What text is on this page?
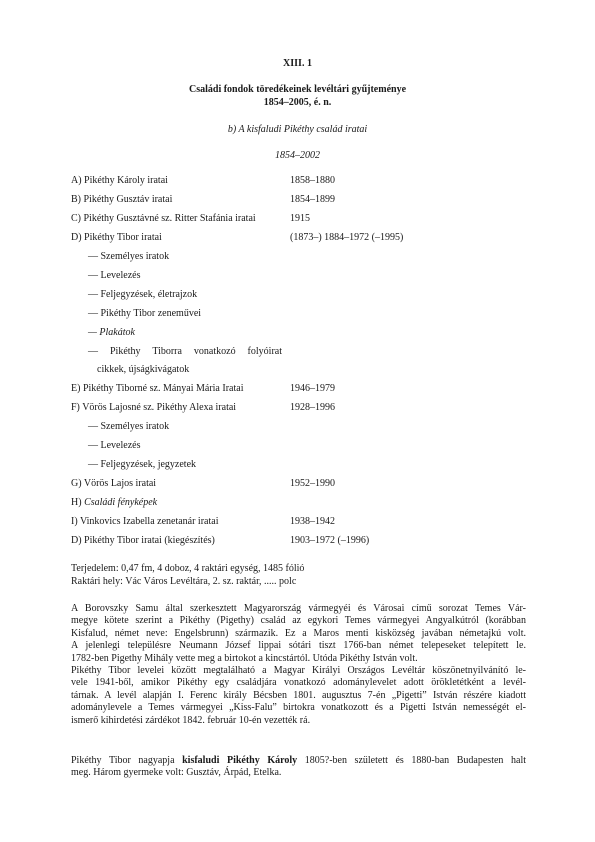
XIII. 1
Családi fondok töredékeinek levéltári gyűjteménye
1854–2005, é. n.
b) A kisfaludi Pikéthy család iratai
1854–2002
A) Pikéthy Károly iratai	1858–1880
B) Pikéthy Gusztáv iratai	1854–1899
C) Pikéthy Gusztávné sz. Ritter Stafánia iratai	1915
D) Pikéthy Tibor iratai	(1873–) 1884–1972 (–1995)
— Személyes iratok
— Levelezés
— Feljegyzések, életrajzok
— Pikéthy Tibor zeneművei
— Plakátok
— Pikéthy Tiborra vonatkozó folyóirat
cikkek, újságkivágatok
E) Pikéthy Tiborné sz. Mányai Mária Iratai	1946–1979
F) Vörös Lajosné sz. Pikéthy Alexa iratai	1928–1996
— Személyes iratok
— Levelezés
— Feljegyzések, jegyzetek
G) Vörös Lajos iratai	1952–1990
H) Családi fényképek
I) Vinkovics Izabella zenetanár iratai	1938–1942
D) Pikéthy Tibor iratai (kiegészítés)	1903–1972 (–1996)
Terjedelem: 0,47 fm, 4 doboz, 4 raktári egység, 1485 fólió
Raktári hely: Vác Város Levéltára, 2. sz. raktár, ..... polc
A Borovszky Samu által szerkesztett Magyarország vármegyéi és Városai című sorozat Temes Vár-
megye kötete szerint a Pikéthy (Pigethy) család az egykori Temes vármegyei Angyalkútról (korábban
Kisfalud, német neve: Engelsbrunn) származik. Ez a Maros menti kisközség javában németajkú volt.
A jelenlegi településre Neumann József lippai sótári tiszt 1766-ban német telepeseket telepített le.
1782-ben Pigethy Mihály vette meg a birtokot a kincstártól. Utóda Pikéthy István volt.
Pikéthy Tibor levelei között megtalálható a Magyar Királyi Országos Levéltár köszönetnyilvánító le-
vele 1941-ből, amikor Pikéthy egy családjára vonatkozó adománylevelet adott örökletétként a levél-
tárnak. A levél alapján I. Ferenc király Bécsben 1801. augusztus 7-én „Pigetti” István részére kiadott
adománylevele a Temes vármegyei „Kiss-Falu” birtokra vonatkozott és a Pigetti István nemességét el-
ismerő kihirdetési zárdékot 1842. február 10-én vezették rá.
Pikéthy Tibor nagyapja kisfaludi Pikéthy Károly 1805?-ben született és 1880-ban Budapesten halt
meg. Három gyermeke volt: Gusztáv, Árpád, Etelka.
